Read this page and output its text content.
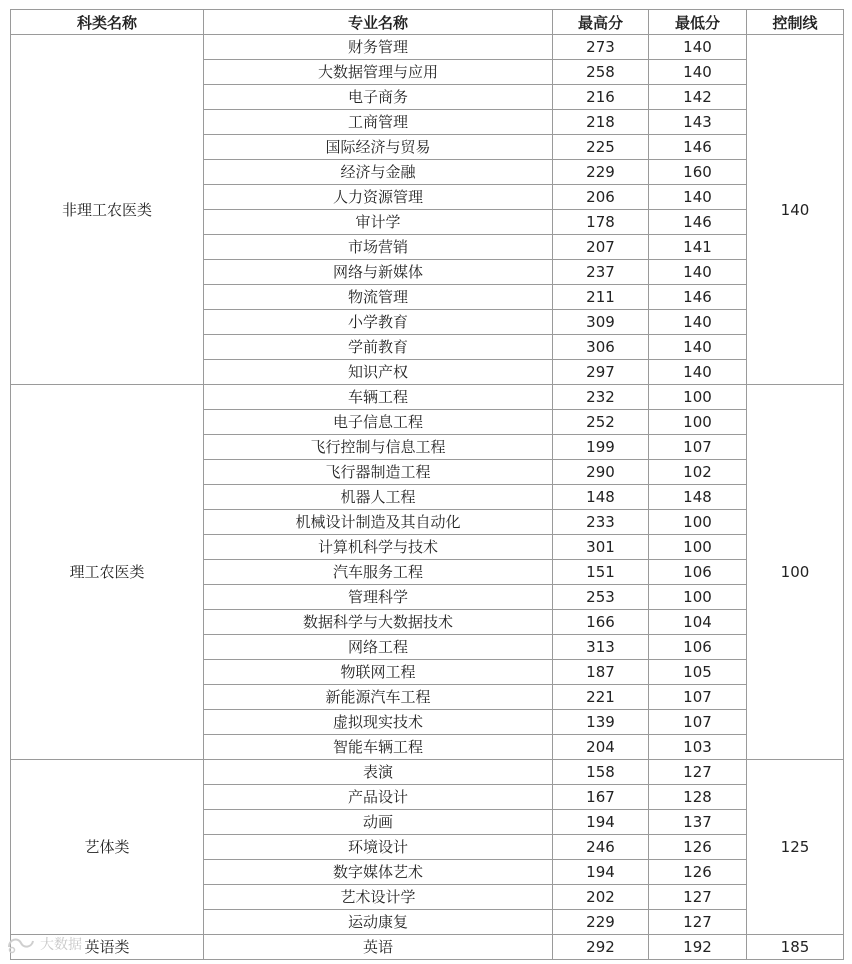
科类名称	专业名称	最高分	最低分	控制线
非理工农医类	财务管理	273	140	140
	大数据管理与应用	258	140	
	电子商务	216	142	
	工商管理	218	143	
	国际经济与贸易	225	146	
	经济与金融	229	160	
	人力资源管理	206	140	
	审计学	178	146	
	市场营销	207	141	
	网络与新媒体	237	140	
	物流管理	211	146	
	小学教育	309	140	
	学前教育	306	140	
	知识产权	297	140	
理工农医类	车辆工程	232	100	100
	电子信息工程	252	100	
	飞行控制与信息工程	199	107	
	飞行器制造工程	290	102	
	机器人工程	148	148	
	机械设计制造及其自动化	233	100	
	计算机科学与技术	301	100	
	汽车服务工程	151	106	
	管理科学	253	100	
	数据科学与大数据技术	166	104	
	网络工程	313	106	
	物联网工程	187	105	
	新能源汽车工程	221	107	
	虚拟现实技术	139	107	
	智能车辆工程	204	103	
艺体类	表演	158	127	125
	产品设计	167	128	
	动画	194	137	
	环境设计	246	126	
	数字媒体艺术	194	126	
	艺术设计学	202	127	
	运动康复	229	127	
英语类	英语	292	192	185
大数据
